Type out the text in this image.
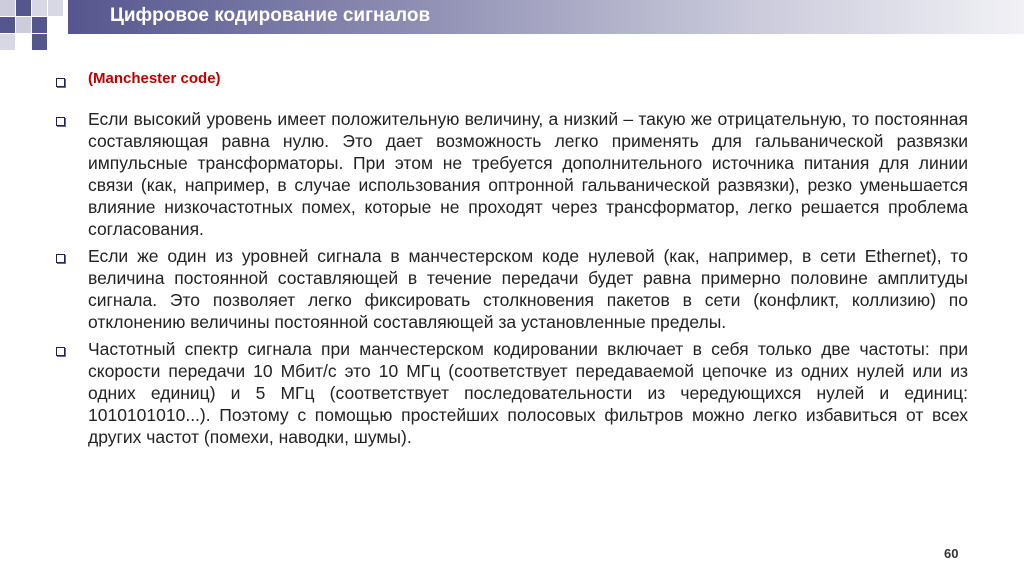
Цифровое кодирование сигналов
(Manchester code)
Если высокий уровень имеет положительную величину, а низкий – такую же отрицательную, то постоянная составляющая равна нулю. Это дает возможность легко применять для гальванической развязки импульсные трансформаторы. При этом не требуется дополнительного источника питания для линии связи (как, например, в случае использования оптронной гальванической развязки), резко уменьшается влияние низкочастотных помех, которые не проходят через трансформатор, легко решается проблема согласования.
Если же один из уровней сигнала в манчестерском коде нулевой (как, например, в сети Ethernet), то величина постоянной составляющей в течение передачи будет равна примерно половине амплитуды сигнала. Это позволяет легко фиксировать столкновения пакетов в сети (конфликт, коллизию) по отклонению величины постоянной составляющей за установленные пределы.
Частотный спектр сигнала при манчестерском кодировании включает в себя только две частоты: при скорости передачи 10 Мбит/с это 10 МГц (соответствует передаваемой цепочке из одних нулей или из одних единиц) и 5 МГц (соответствует последовательности из чередующихся нулей и единиц: 1010101010...). Поэтому с помощью простейших полосовых фильтров можно легко избавиться от всех других частот (помехи, наводки, шумы).
60
